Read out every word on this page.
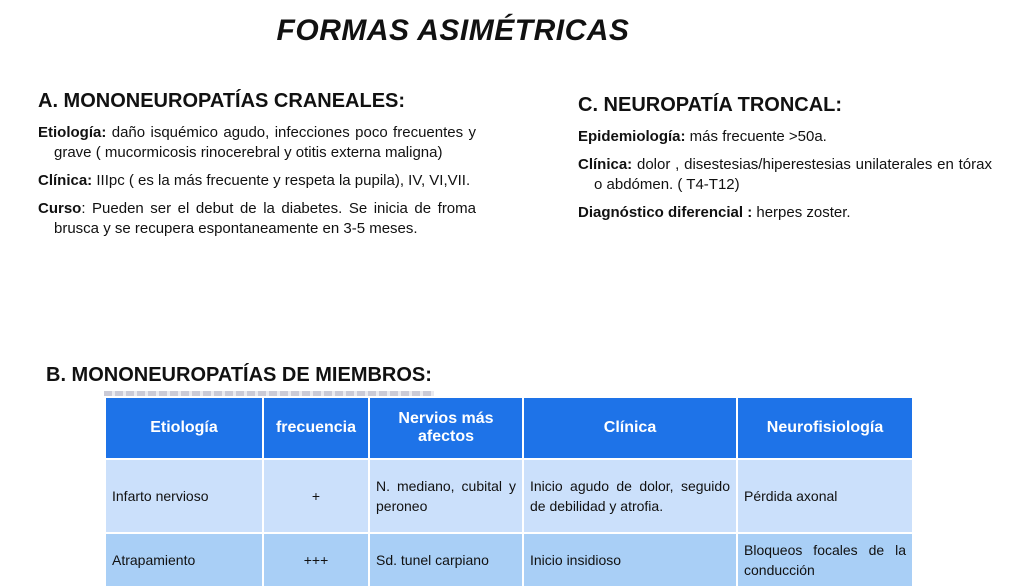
FORMAS ASIMÉTRICAS
A. MONONEUROPATÍAS CRANEALES:

Etiología: daño isquémico agudo, infecciones poco frecuentes y grave ( mucormicosis rinocerebral y otitis externa maligna)

Clínica: IIIpc ( es la más frecuente y respeta la pupila), IV, VI,VII.

Curso: Pueden ser el debut de la diabetes. Se inicia de froma brusca y se recupera espontaneamente en 3-5 meses.

C. NEUROPATÍA TRONCAL:

Epidemiología: más frecuente >50a.

Clínica: dolor , disestesias/hiperestesias unilaterales en tórax o abdómen. ( T4-T12)

Diagnóstico diferencial : herpes zoster.

B. MONONEUROPATÍAS DE MIEMBROS:
Etiología	frecuencia	Nervios más afectos	Clínica	Neurofisiología
Infarto nervioso	+	N. mediano, cubital y peroneo	Inicio agudo de dolor, seguido de debilidad y atrofia.	Pérdida axonal
Atrapamiento	+++	Sd. tunel carpiano	Inicio insidioso	Bloqueos focales de la conducción
